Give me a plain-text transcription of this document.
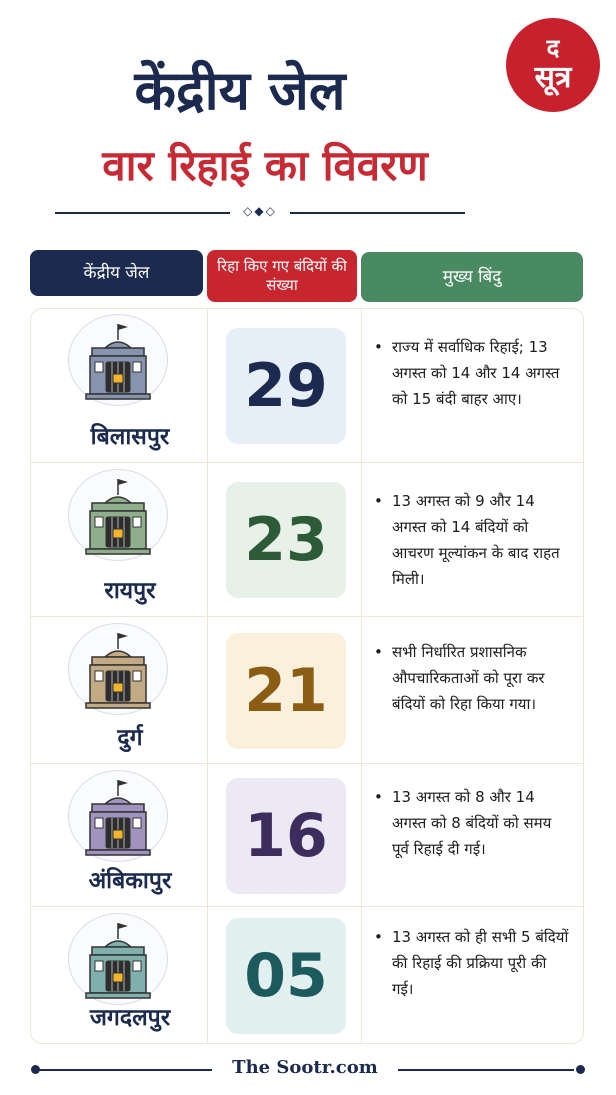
केंद्रीय जेल
वार रिहाई का विवरण
द
सूत्र
◇◆◇
केंद्रीय जेल	रिहा किए गए बंदियों की संख्या	मुख्य बिंदु
बिलासपुर
29
• राज्य में सर्वाधिक रिहाई; 13 अगस्त को 14 और 14 अगस्त को 15 बंदी बाहर आए।
रायपुर
23
• 13 अगस्त को 9 और 14 अगस्त को 14 बंदियों को आचरण मूल्यांकन के बाद राहत मिली।
दुर्ग
21
• सभी निर्धारित प्रशासनिक औपचारिकताओं को पूरा कर बंदियों को रिहा किया गया।
अंबिकापुर
16
• 13 अगस्त को 8 और 14 अगस्त को 8 बंदियों को समय पूर्व रिहाई दी गई।
जगदलपुर
05
• 13 अगस्त को ही सभी 5 बंदियों की रिहाई की प्रक्रिया पूरी की गई।
The Sootr.com
